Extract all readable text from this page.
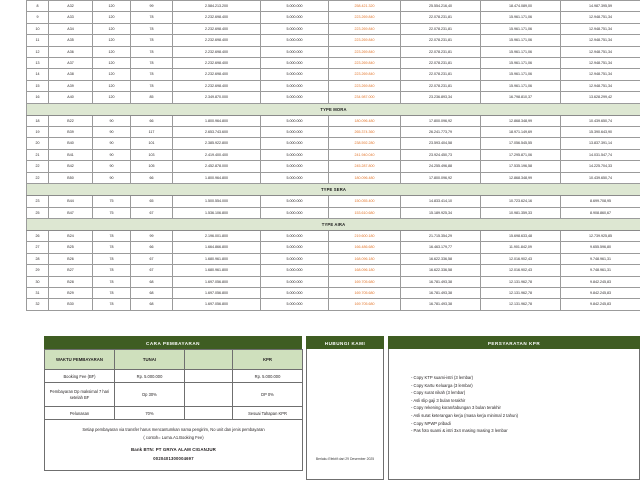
8	A32	120	99	2.584.213.200	5.000.000	258.421.320	25.554.216,40	18.474.089,00	14.987.395,59
9	A33	120	78	2.232.698.400	5.000.000	223.269.840	22.078.231,81	15.961.171,06	12.948.751,34
10	A34	120	78	2.232.698.400	5.000.000	223.269.840	22.078.231,81	15.961.171,06	12.948.751,34
11	A35	120	78	2.232.698.400	5.000.000	223.269.840	22.078.231,81	15.961.171,06	12.948.751,34
12	A36	120	78	2.232.698.400	5.000.000	223.269.840	22.078.231,81	15.961.171,06	12.948.751,34
13	A37	120	78	2.232.698.400	5.000.000	223.269.840	22.078.231,81	15.961.171,06	12.948.751,34
14	A38	120	78	2.232.698.400	5.000.000	223.269.840	22.078.231,81	15.961.171,06	12.948.751,34
15	A39	120	78	2.232.698.400	5.000.000	223.269.840	22.078.231,81	15.961.171,06	12.948.751,34
16	A40	120	85	2.349.870.000	5.000.000	234.987.000	23.236.893,34	16.798.810,37	13.628.299,42
TYPE MORA									
18	B22	90	66	1.800.964.800	5.000.000	180.096.480	17.800.096,92	12.868.348,99	10.439.650,74
19	B39	90	117	2.653.743.600	5.000.000	265.374.360	26.241.773,79	18.971.149,69	15.390.643,90
20	B40	90	101	2.385.922.800	5.000.000	238.592.280	23.593.404,58	17.056.545,55	13.837.391,14
21	B41	90	103	2.419.400.400	5.000.000	241.940.040	23.924.450,73	17.295.871,06	14.031.547,74
22	B42	90	105	2.452.878.000	5.000.000	245.287.800	24.255.496,88	17.535.196,58	14.225.704,33
22	B50	90	66	1.800.964.800	5.000.000	180.096.480	17.800.096,92	12.868.348,99	10.439.650,74
TYPE SERA									
23	B44	75	65	1.500.554.000	5.000.000	150.055.400	14.833.414,10	10.723.624,16	8.699.708,95
25	B47	75	67	1.536.106.800	5.000.000	153.610.680	15.189.925,34	10.981.359,33	8.908.860,67
TYPE AIRA									
26	B24	78	99	2.196.001.800	5.000.000	219.600.180	21.715.354,29	15.698.633,48	12.739.925,85
27	B25	78	66	1.664.866.800	5.000.000	166.486.680	16.463.179,77	11.901.842,09	9.655.596,80
28	B26	78	67	1.680.961.800	5.000.000	168.096.180	16.622.336,58	12.016.902,43	9.748.961,31
29	B27	78	67	1.680.961.800	5.000.000	168.096.180	16.622.336,58	12.016.902,43	9.748.961,31
30	B28	78	68	1.697.056.800	5.000.000	169.705.680	16.781.493,38	12.131.962,78	9.842.245,83
31	B29	78	68	1.697.056.800	5.000.000	169.705.680	16.781.493,38	12.131.962,78	9.842.245,83
32	B30	78	68	1.697.056.800	5.000.000	169.705.680	16.781.493,38	12.131.962,78	9.842.245,83
CARA PEMBAYARAN
WAKTU PEMBAYARAN	TUNAI		KPR
Booking Fee (BF)	Rp. 5.000.000		Rp. 5.000.000
Pembayaran Dp maksimal 7 hari setelah BF	Dp 30%		DP 0%
Pelunasan	70%		Sesuai Tahapan KPR

Setiap pembayaran via transfer harus mencantumkan nama pengirim, No unit dan jenis pembayaran
( contoh= Luma.A1.Booking Fee)
Bank BTN: PT GRIYA ALAM CIGANJUR
0020401300004697			
HUBUNGI KAMI
Berlaku Efektif dari 29 Desember 2025
PERSYARATAN KPR
- Copy KTP suami-istri (3 lembar)
- Copy Kartu Keluarga (3 lembar)
- Copy surat nikah (3 lembar)
- Asli slip gaji 3 bulan terakhir
- Copy rekening koran/tabungan 3 bulan terakhir
- Asli surat keterangan kerja (masa kerja minimal 2 tahun)
- Copy NPWP pribadi
- Pas foto suami & istri 3x4 masing masing 3 lembar
